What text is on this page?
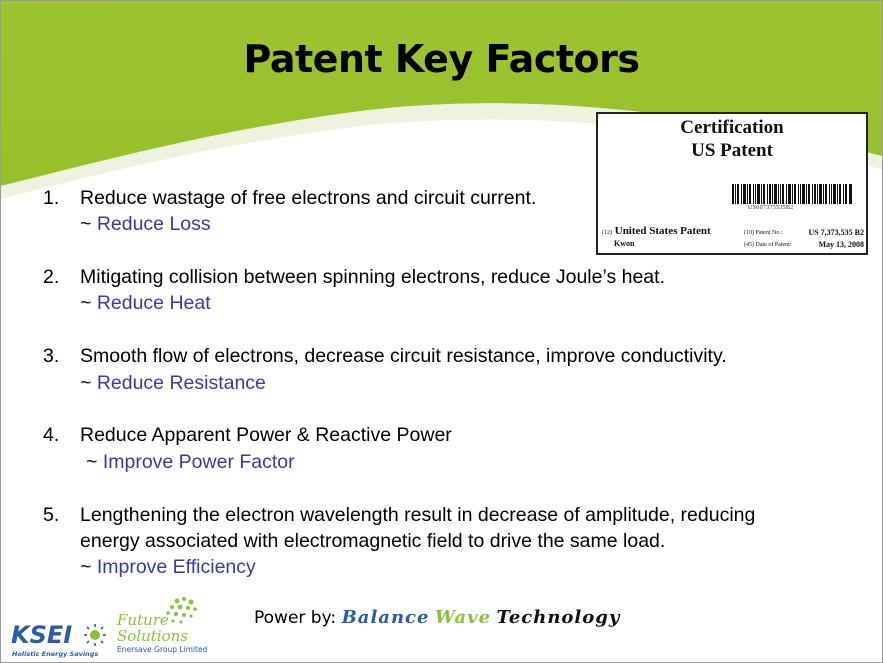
Patent Key Factors
Certification
US Patent
US007373535B2
(12) United States Patent
Kwon
(10) Patent No.:	US 7,373,535 B2
(45) Date of Patent:	May 13, 2008
1.	Reduce wastage of free electrons and circuit current.
~ Reduce Loss
2.	Mitigating collision between spinning electrons, reduce Joule’s heat.
~ Reduce Heat
3.	Smooth flow of electrons, decrease circuit resistance, improve conductivity.
~ Reduce Resistance
4.	Reduce Apparent Power & Reactive Power
~ Improve Power Factor
5.	Lengthening the electron wavelength result in decrease of amplitude, reducing
energy associated with electromagnetic field to drive the same load.
~ Improve Efficiency
KSEI
Holistic Energy Savings
Future
Solutions
Enersave Group Limited
Power by: Balance Wave Technology
